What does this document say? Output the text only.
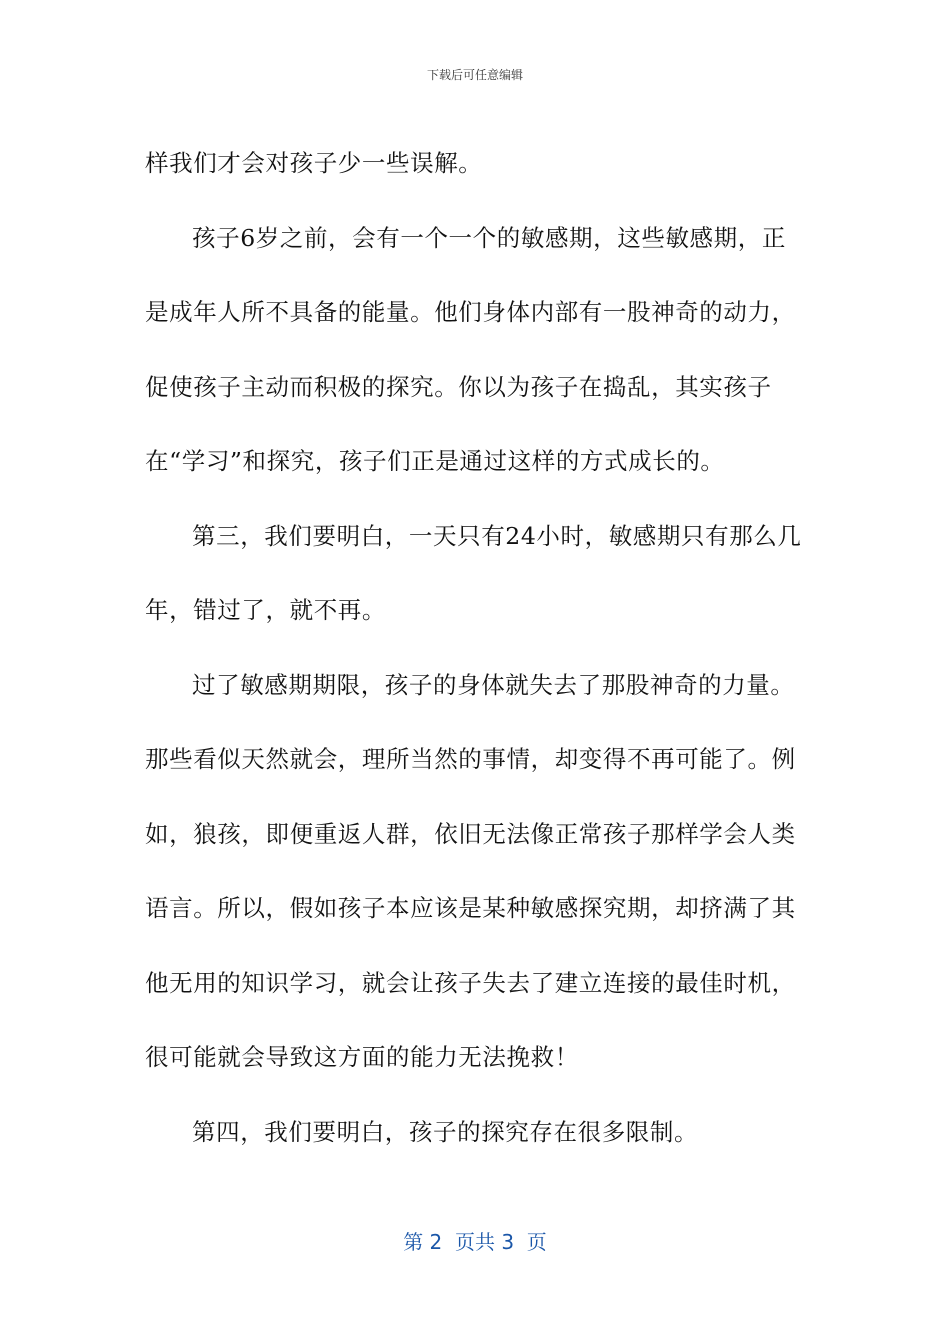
下载后可任意编辑

样我们才会对孩子少一些误解。

孩子6岁之前，会有一个一个的敏感期，这些敏感期，正是成年人所不具备的能量。他们身体内部有一股神奇的动力，促使孩子主动而积极的探究。你以为孩子在捣乱，其实孩子在“学习”和探究，孩子们正是通过这样的方式成长的。

第三，我们要明白，一天只有24小时，敏感期只有那么几年，错过了，就不再。

过了敏感期期限，孩子的身体就失去了那股神奇的力量。那些看似天然就会，理所当然的事情，却变得不再可能了。例如，狼孩，即便重返人群，依旧无法像正常孩子那样学会人类语言。所以，假如孩子本应该是某种敏感探究期，却挤满了其他无用的知识学习，就会让孩子失去了建立连接的最佳时机，很可能就会导致这方面的能力无法挽救！

第四，我们要明白，孩子的探究存在很多限制。

第 2  页共 3  页
